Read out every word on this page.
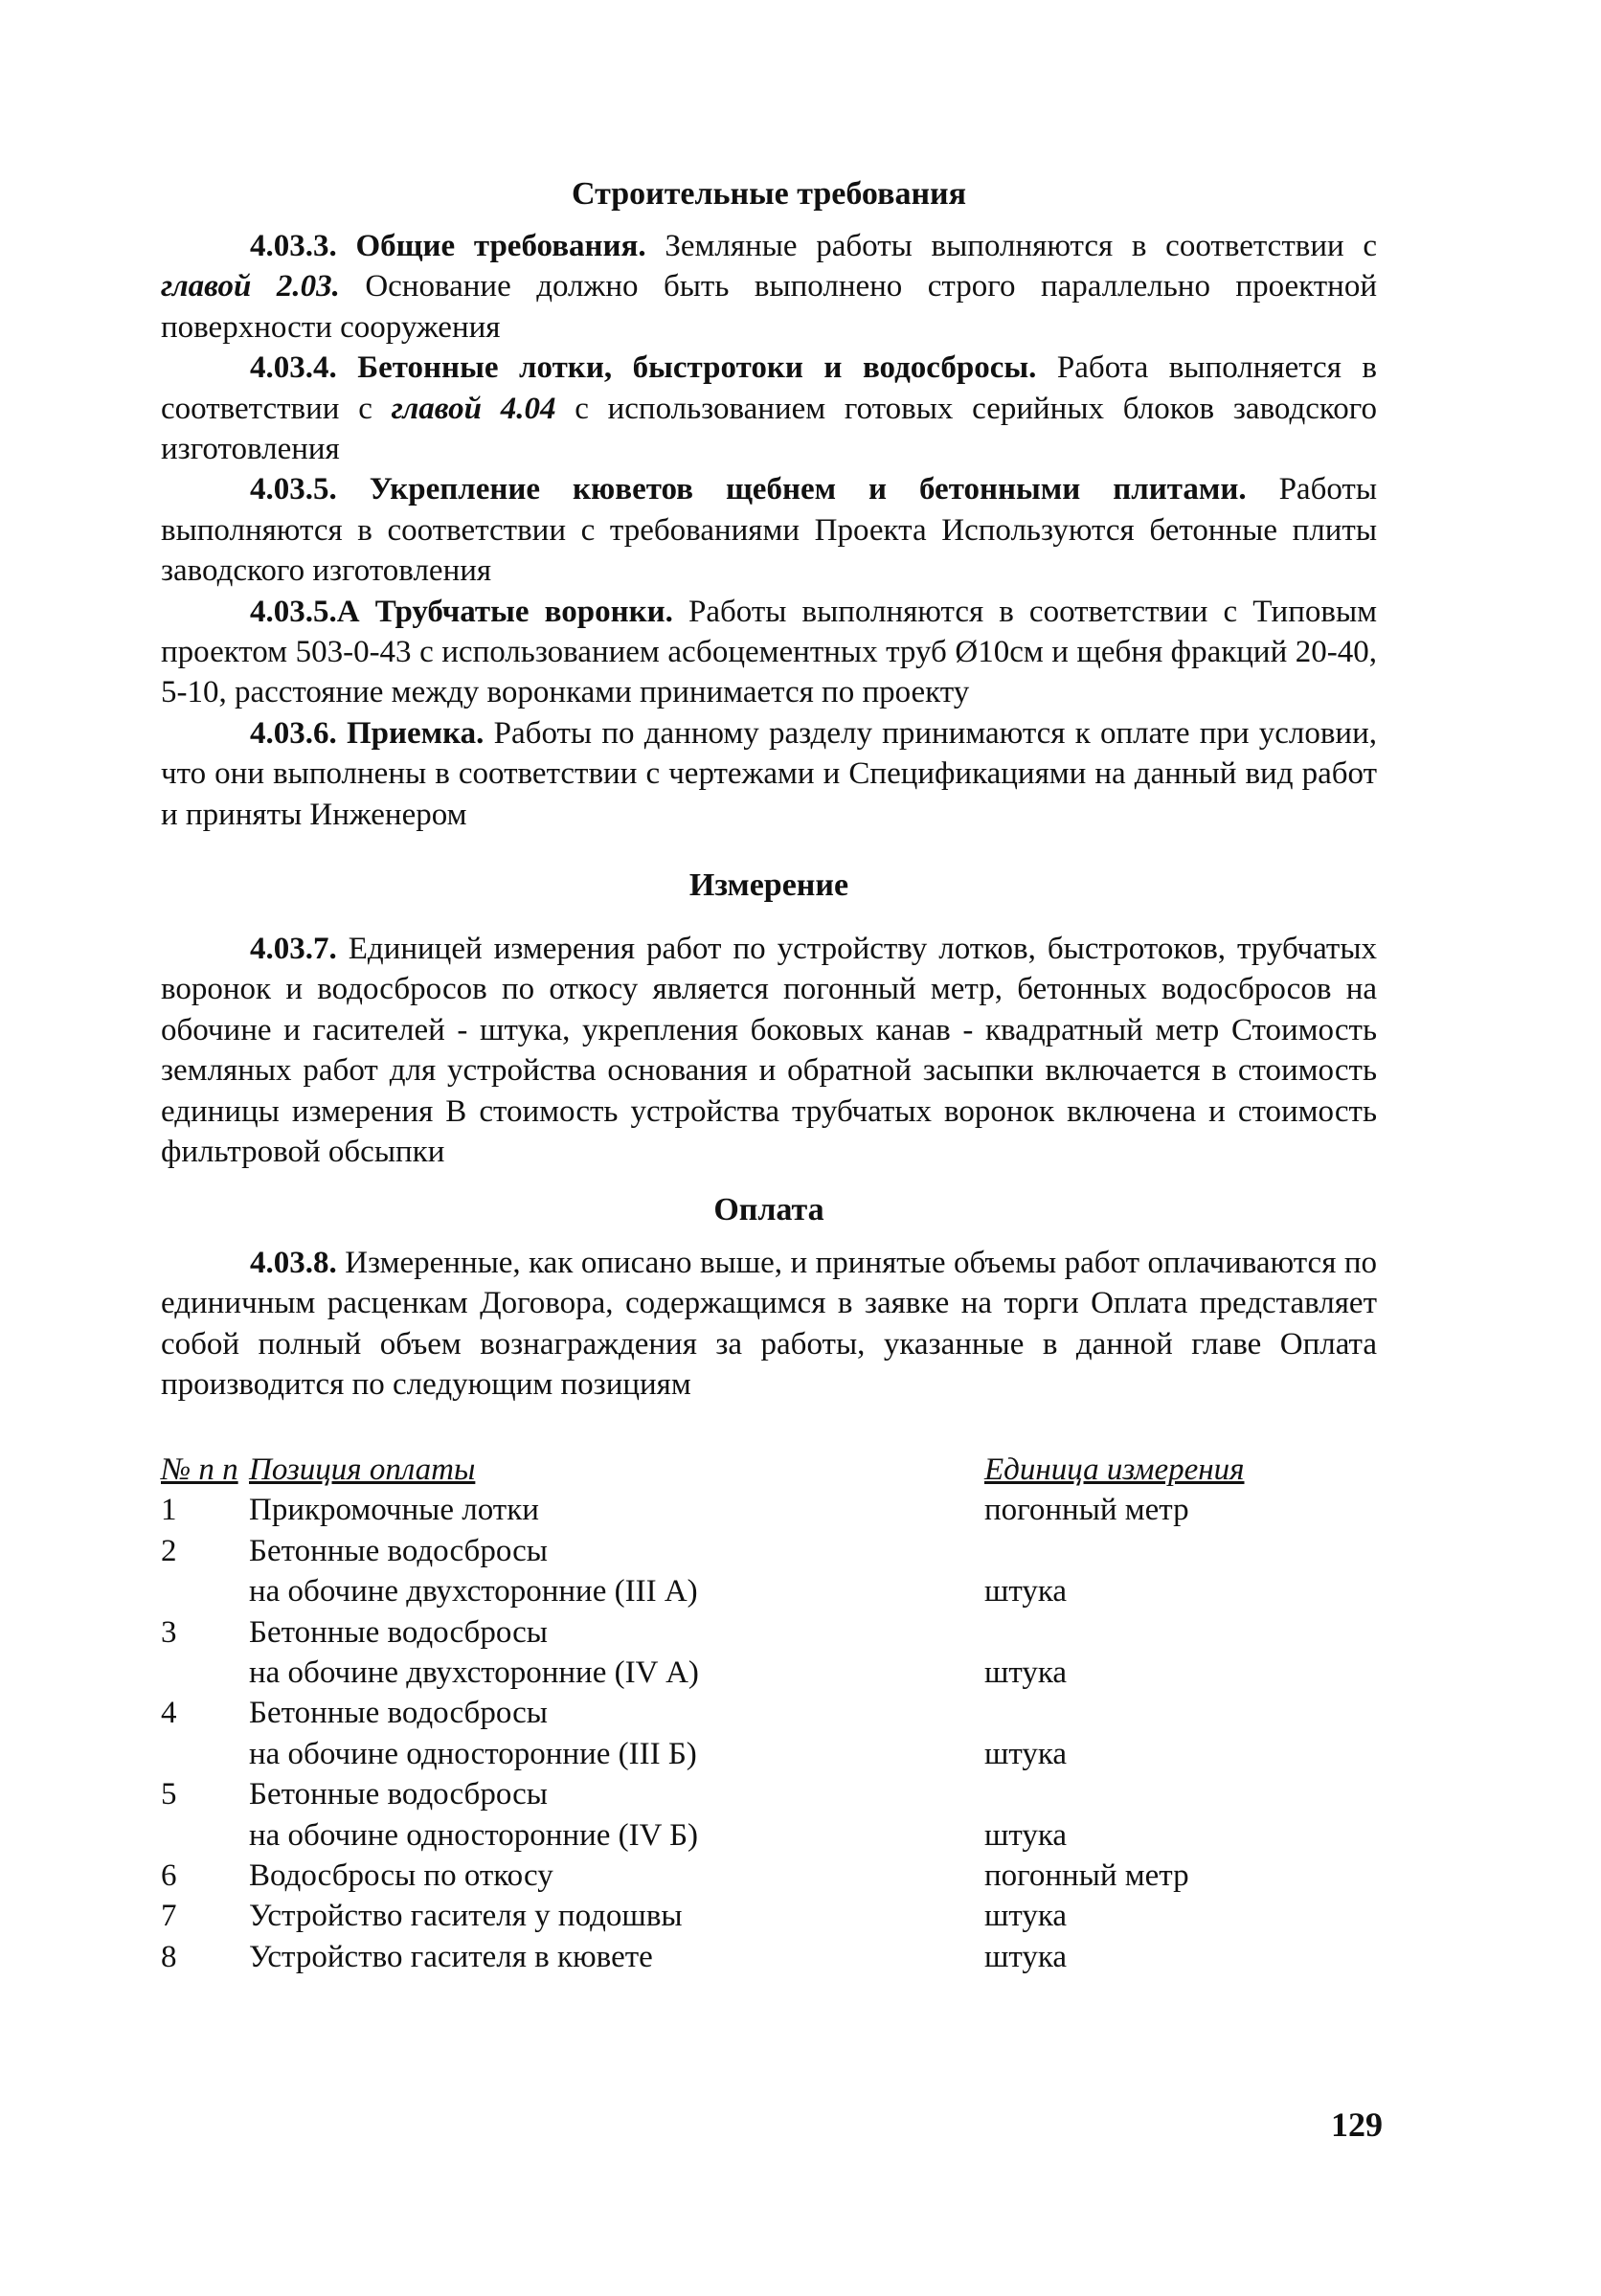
Строительные требования

4.03.3. Общие требования. Земляные работы выполняются в соответствии с главой 2.03. Основание должно быть выполнено строго параллельно проектной поверхности сооружения

4.03.4. Бетонные лотки, быстротоки и водосбросы. Работа выполняется в соответствии с главой 4.04 с использованием готовых серийных блоков заводского изготовления

4.03.5. Укрепление кюветов щебнем и бетонными плитами. Работы выполняются в соответствии с требованиями Проекта Используются бетонные плиты заводского изготовления

4.03.5.А Трубчатые воронки. Работы выполняются в соответствии с Типовым проектом 503-0-43 с использованием асбоцементных труб Ø10см и щебня фракций 20-40, 5-10, расстояние между воронками принимается по проекту

4.03.6. Приемка. Работы по данному разделу принимаются к оплате при условии, что они выполнены в соответствии с чертежами и Спецификациями на данный вид работ и приняты Инженером

Измерение

4.03.7. Единицей измерения работ по устройству лотков, быстротоков, трубчатых воронок и водосбросов по откосу является погонный метр, бетонных водосбросов на обочине и гасителей - штука, укрепления боковых канав - квадратный метр Стоимость земляных работ для устройства основания и обратной засыпки включается в стоимость единицы измерения В стоимость устройства трубчатых воронок включена и стоимость фильтровой обсыпки

Оплата

4.03.8. Измеренные, как описано выше, и принятые объемы работ оплачиваются по единичным расценкам Договора, содержащимся в заявке на торги Оплата представляет собой полный объем вознаграждения за работы, указанные в данной главе Оплата производится по следующим позициям

№ п п Позиция оплаты	Единица измерения
1	Прикромочные лотки	погонный метр
2	Бетонные водосбросы
на обочине двухсторонние (III А)	штука
3	Бетонные водосбросы
на обочине двухсторонние (IV А)	штука
4	Бетонные водосбросы
на обочине односторонние (III Б)	штука
5	Бетонные водосбросы
на обочине односторонние (IV Б)	штука
6	Водосбросы по откосу	погонный метр
7	Устройство гасителя у подошвы	штука
8	Устройство гасителя в кювете	штука
129
